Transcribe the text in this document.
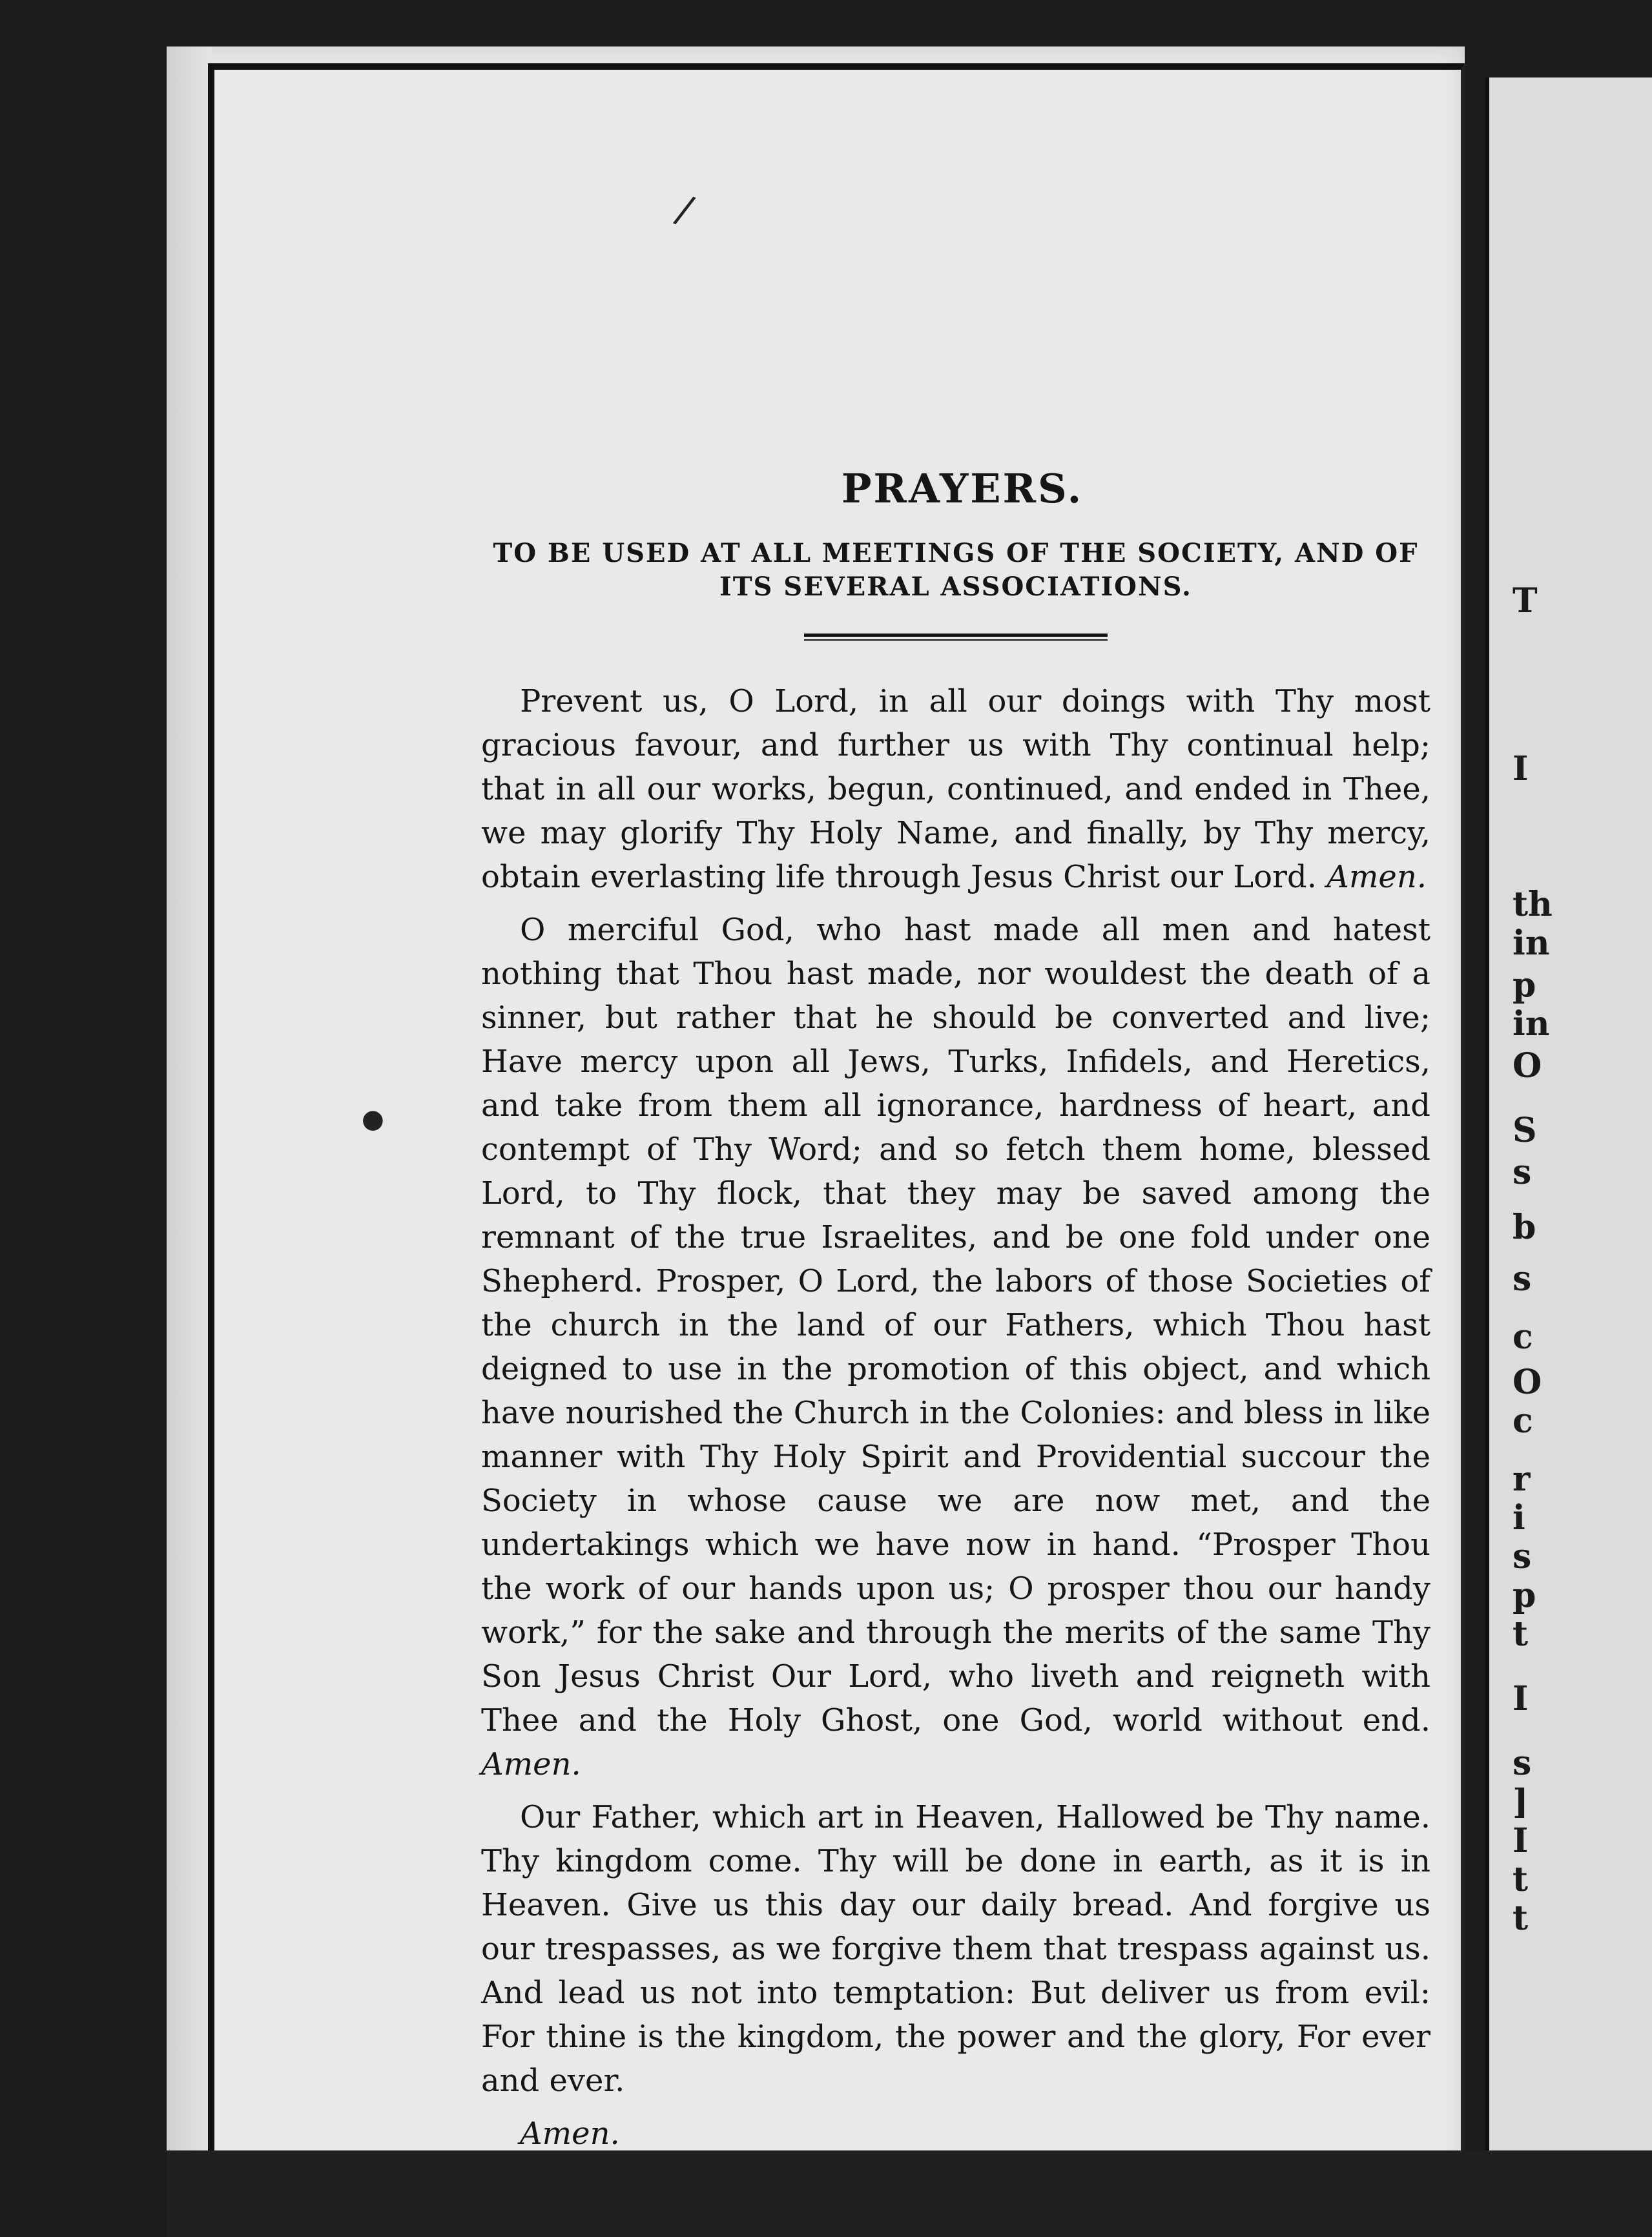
T
I
th
in
p
in
O
S
s
b
s
c
O
c
r
i
s
p
t
I
s
]
I
t
t
/
●
PRAYERS.

TO BE USED AT ALL MEETINGS OF THE SOCIETY, AND OF

ITS SEVERAL ASSOCIATIONS.

Prevent us, O Lord, in all our doings with Thy most gracious favour, and further us with Thy continual help; that in all our works, begun, continued, and ended in Thee, we may glorify Thy Holy Name, and finally, by Thy mercy, obtain everlasting life through Jesus Christ our Lord. Amen.

O merciful God, who hast made all men and hatest nothing that Thou hast made, nor wouldest the death of a sinner, but rather that he should be converted and live; Have mercy upon all Jews, Turks, Infidels, and Heretics, and take from them all ignorance, hardness of heart, and contempt of Thy Word; and so fetch them home, blessed Lord, to Thy flock, that they may be saved among the remnant of the true Israelites, and be one fold under one Shepherd. Prosper, O Lord, the labors of those Societies of the church in the land of our Fathers, which Thou hast deigned to use in the promotion of this object, and which have nourished the Church in the Colonies: and bless in like manner with Thy Holy Spirit and Providential succour the Society in whose cause we are now met, and the undertakings which we have now in hand. “Prosper Thou the work of our hands upon us; O prosper thou our handy work,” for the sake and through the merits of the same Thy Son Jesus Christ Our Lord, who liveth and reigneth with Thee and the Holy Ghost, one God, world without end. Amen.

Our Father, which art in Heaven, Hallowed be Thy name. Thy kingdom come. Thy will be done in earth, as it is in Heaven. Give us this day our daily bread. And forgive us our trespasses, as we forgive them that trespass against us. And lead us not into temptation: But deliver us from evil: For thine is the kingdom, the power and the glory, For ever and ever.

Amen.
